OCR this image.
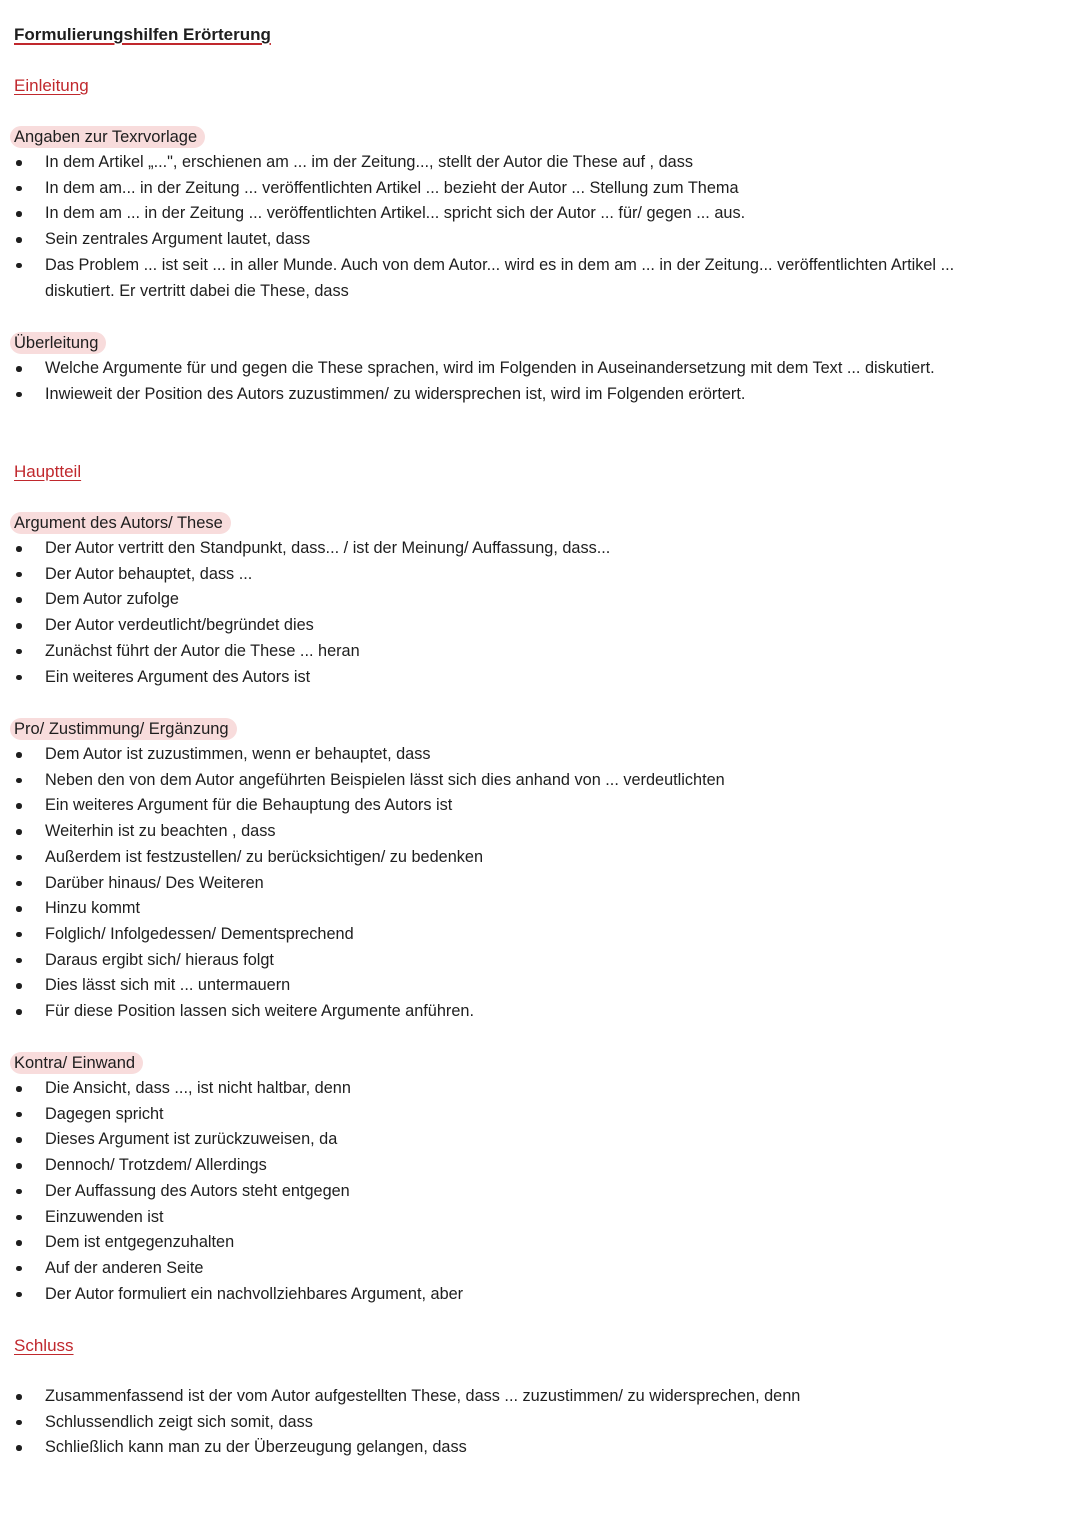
Formulierungshilfen Erörterung
Einleitung
Angaben zur Texrvorlage
In dem Artikel „...", erschienen am ... im der Zeitung..., stellt der Autor die These auf , dass
In dem am... in der Zeitung ... veröffentlichten Artikel ... bezieht der Autor ... Stellung zum Thema
In dem am ... in der Zeitung ... veröffentlichten Artikel... spricht sich der Autor ... für/ gegen ... aus.
Sein zentrales Argument lautet, dass
Das Problem ... ist seit ... in aller Munde. Auch von dem Autor... wird es in dem am ... in der Zeitung... veröffentlichten Artikel ... diskutiert. Er vertritt dabei die These, dass
Überleitung
Welche Argumente für und gegen die These sprachen, wird im Folgenden in Auseinandersetzung mit dem Text ... diskutiert.
Inwieweit der Position des Autors zuzustimmen/ zu widersprechen ist, wird im Folgenden erörtert.
Hauptteil
Argument des Autors/ These
Der Autor vertritt den Standpunkt, dass... / ist der Meinung/ Auffassung, dass...
Der Autor behauptet, dass ...
Dem Autor zufolge
Der Autor verdeutlicht/begründet dies
Zunächst führt der Autor die These ... heran
Ein weiteres Argument des Autors ist
Pro/ Zustimmung/ Ergänzung
Dem Autor ist zuzustimmen, wenn er behauptet, dass
Neben den von dem Autor angeführten Beispielen lässt sich dies anhand von ... verdeutlichten
Ein weiteres Argument für die Behauptung des Autors ist
Weiterhin ist zu beachten , dass
Außerdem ist festzustellen/ zu berücksichtigen/ zu bedenken
Darüber hinaus/ Des Weiteren
Hinzu kommt
Folglich/ Infolgedessen/ Dementsprechend
Daraus ergibt sich/ hieraus folgt
Dies lässt sich mit ... untermauern
Für diese Position lassen sich weitere Argumente anführen.
Kontra/ Einwand
Die Ansicht, dass ..., ist nicht haltbar, denn
Dagegen spricht
Dieses Argument ist zurückzuweisen, da
Dennoch/ Trotzdem/ Allerdings
Der Auffassung des Autors steht entgegen
Einzuwenden ist
Dem ist entgegenzuhalten
Auf der anderen Seite
Der Autor formuliert ein nachvollziehbares Argument, aber
Schluss
Zusammenfassend ist der vom Autor aufgestellten These, dass ... zuzustimmen/ zu widersprechen, denn
Schlussendlich zeigt sich somit, dass
Schließlich kann man zu der Überzeugung gelangen, dass
